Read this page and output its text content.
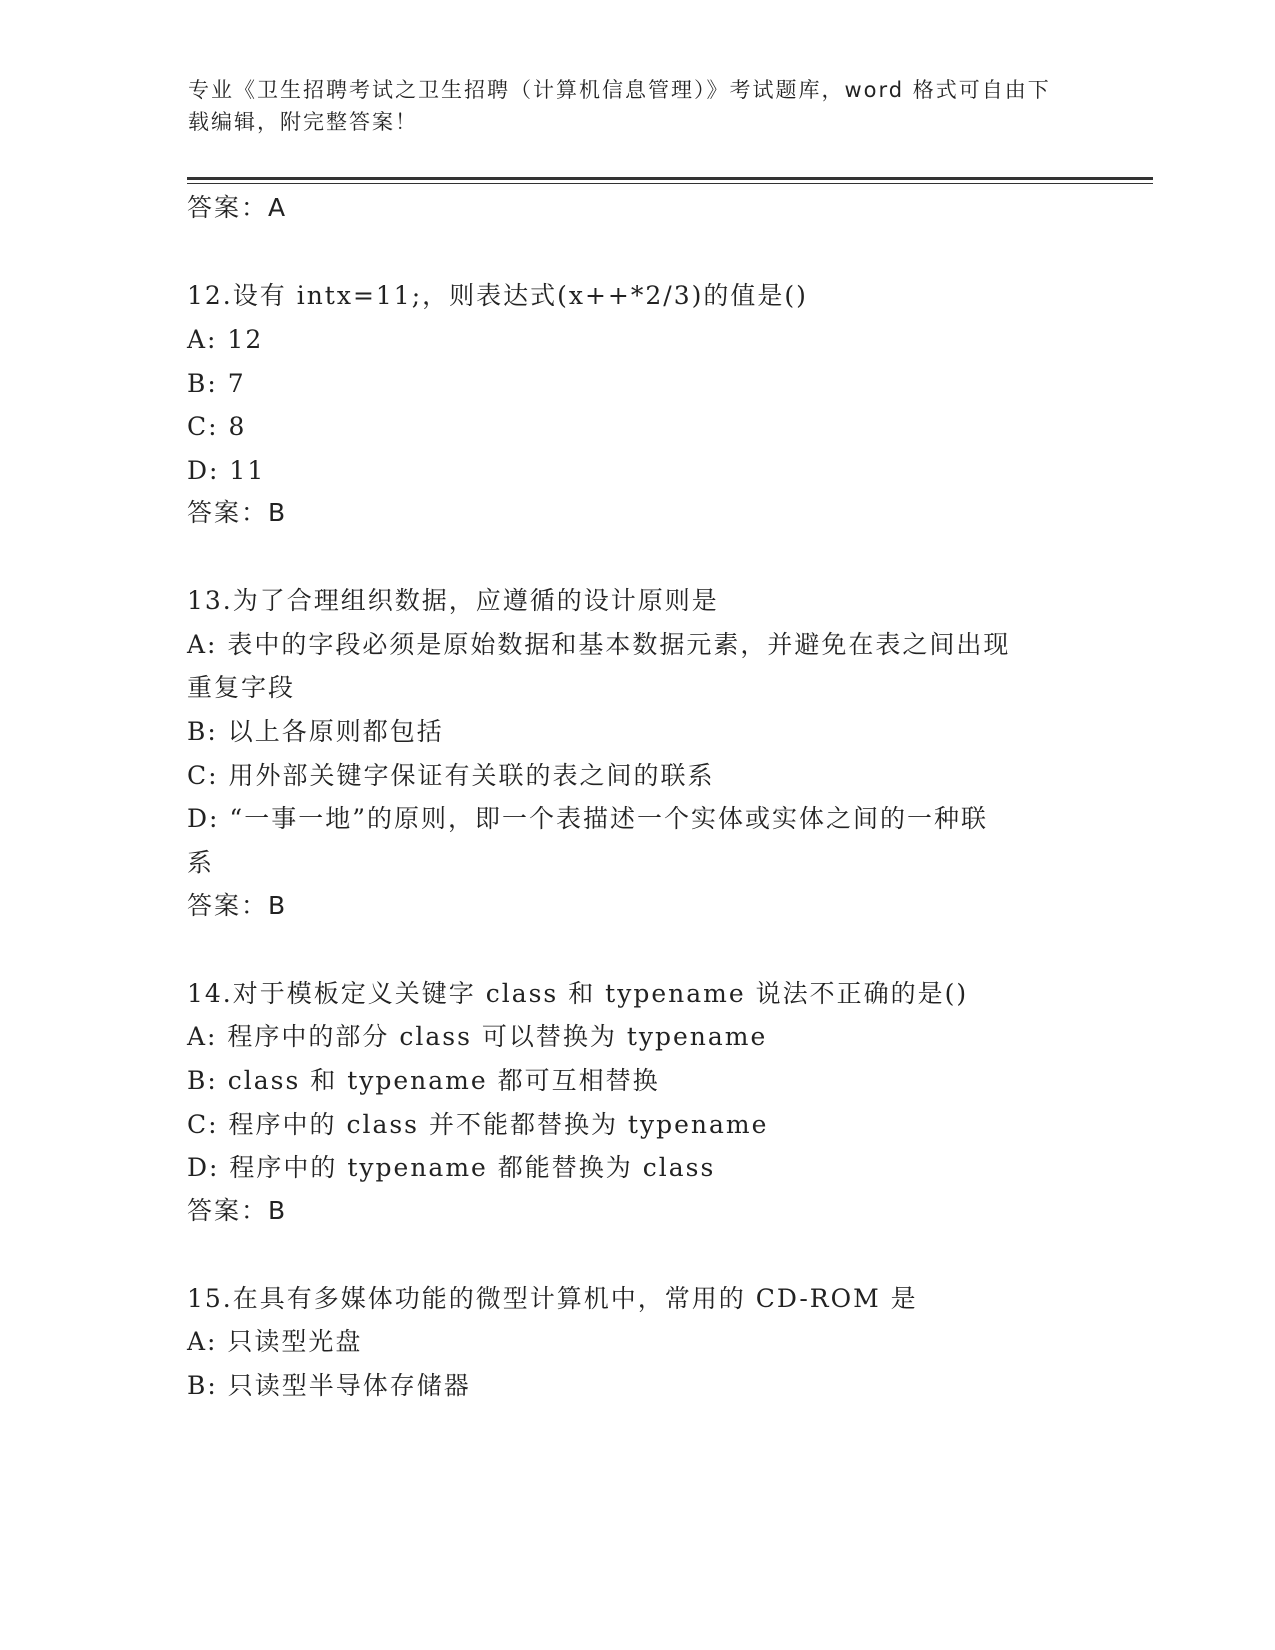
专业《卫生招聘考试之卫生招聘（计算机信息管理）》考试题库，word 格式可自由下载编辑，附完整答案！
答案：A
12.设有 intx=11;，则表达式(x++*2/3)的值是()
A: 12
B: 7
C: 8
D: 11
答案：B
13.为了合理组织数据，应遵循的设计原则是
A: 表中的字段必须是原始数据和基本数据元素，并避免在表之间出现
重复字段
B: 以上各原则都包括
C: 用外部关键字保证有关联的表之间的联系
D: “一事一地”的原则，即一个表描述一个实体或实体之间的一种联
系
答案：B
14.对于模板定义关键字 class 和 typename 说法不正确的是()
A: 程序中的部分 class 可以替换为 typename
B: class 和 typename 都可互相替换
C: 程序中的 class 并不能都替换为 typename
D: 程序中的 typename 都能替换为 class
答案：B
15.在具有多媒体功能的微型计算机中，常用的 CD-ROM 是
A: 只读型光盘
B: 只读型半导体存储器
